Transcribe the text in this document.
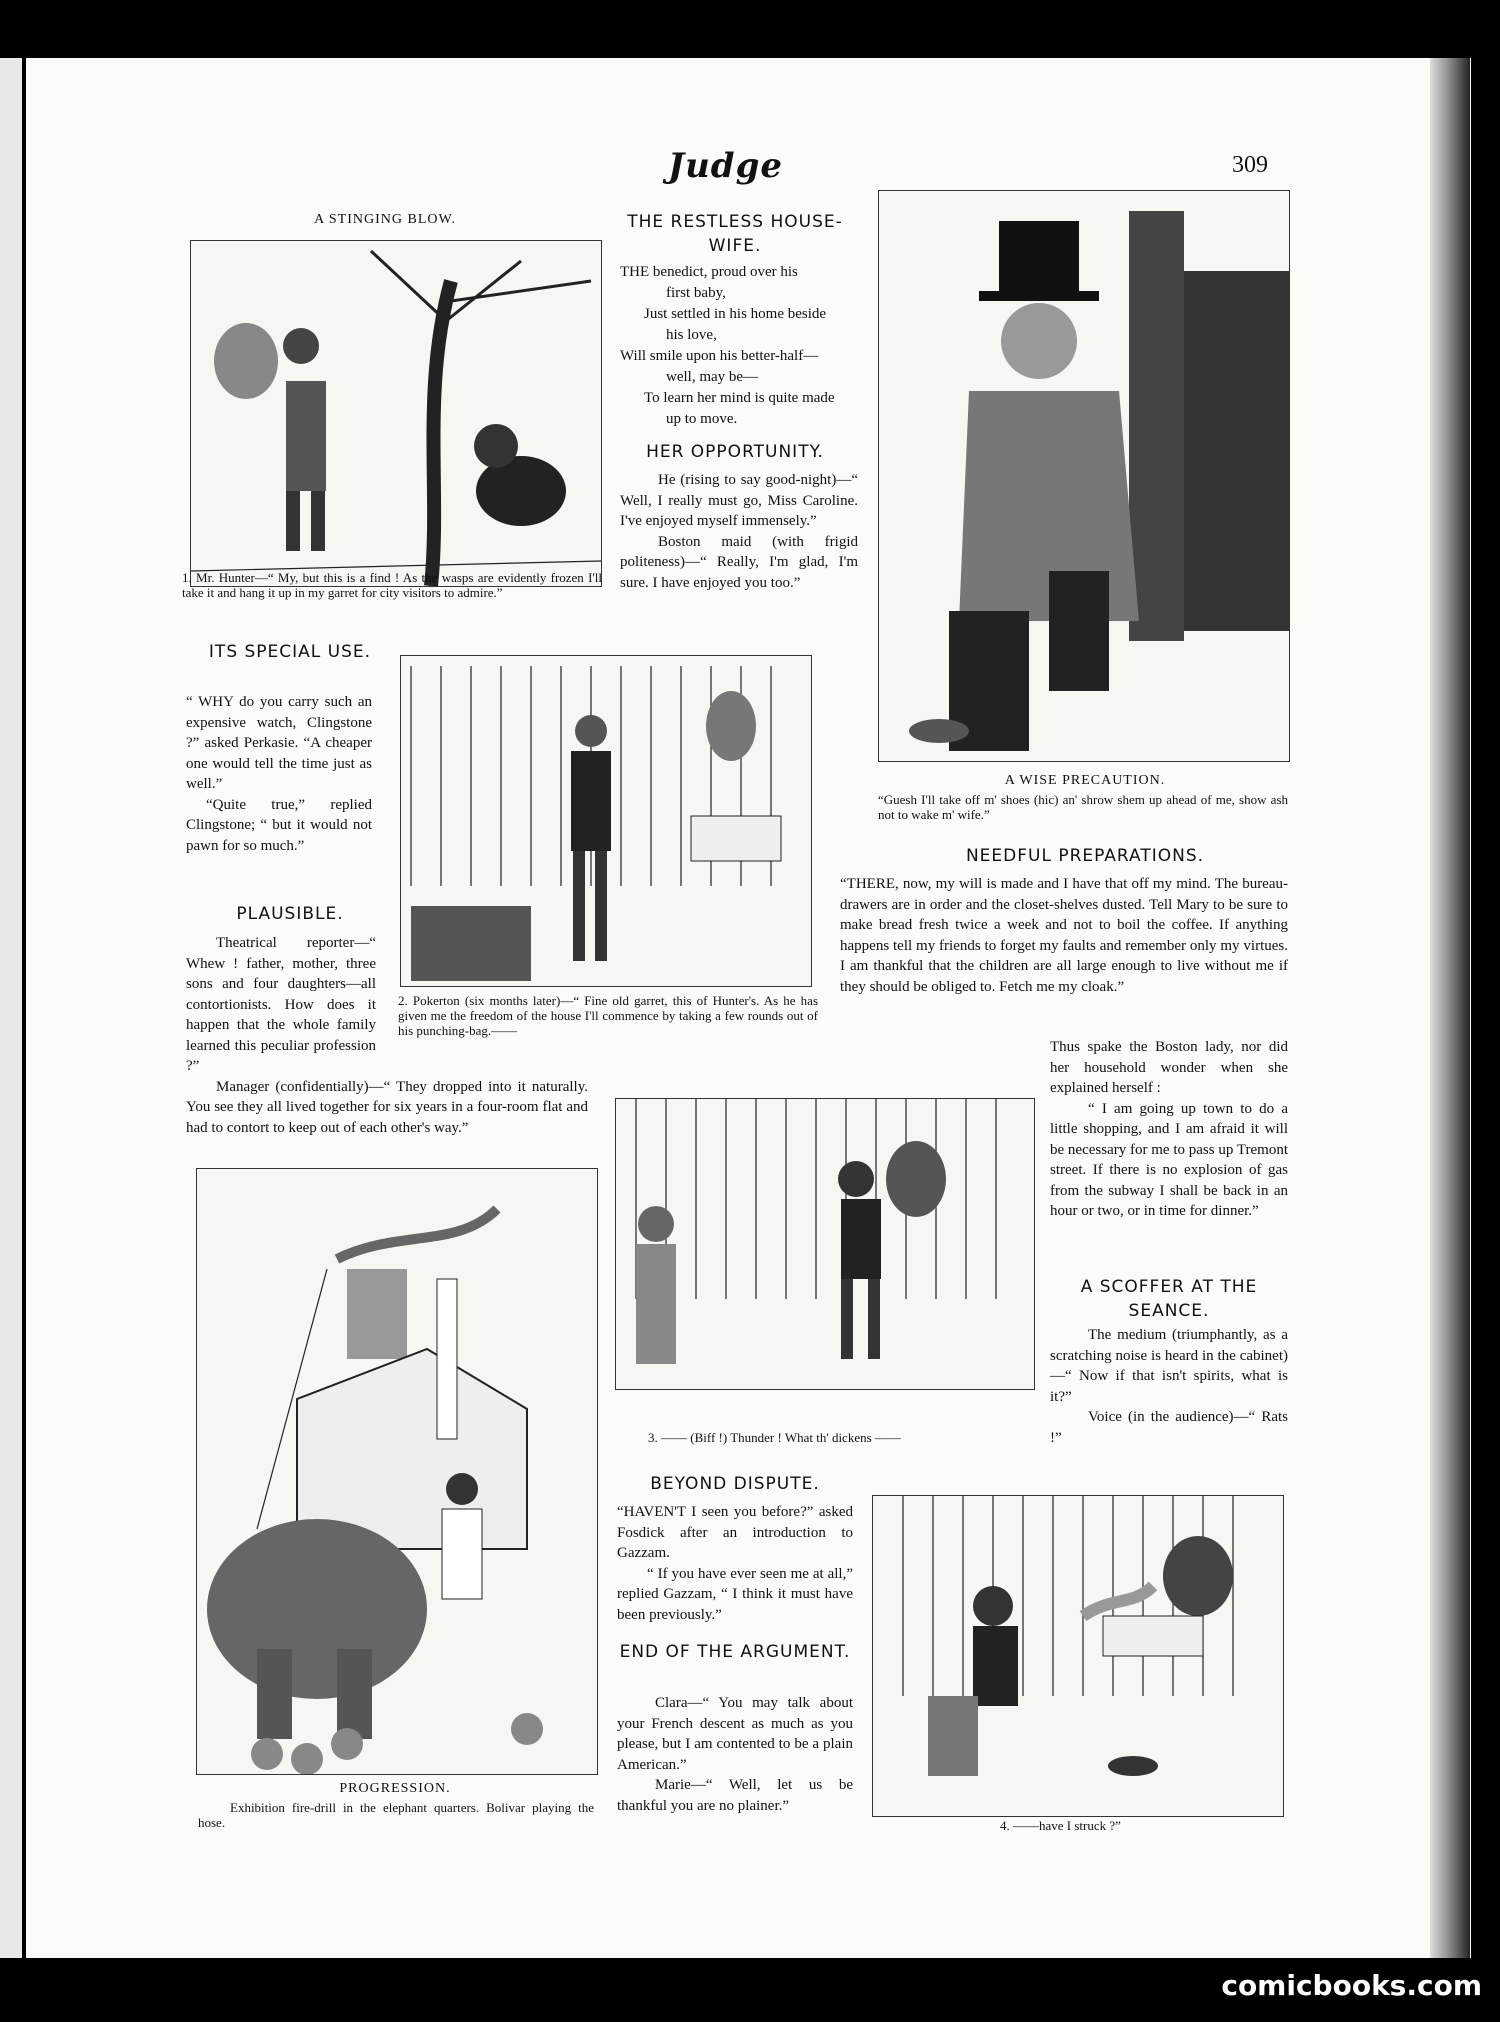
Judge	309
A STINGING BLOW.
1. Mr. Hunter—“ My, but this is a find ! As the wasps are evidently frozen I'll take it and hang it up in my garret for city visitors to admire.”
THE RESTLESS HOUSE-WIFE.
THE benedict, proud over his
first baby,
Just settled in his home beside
his love,
Will smile upon his better-half—
well, may be—
To learn her mind is quite made
up to move.
HER OPPORTUNITY.

He (rising to say good-night)—“ Well, I really must go, Miss Caroline. I've enjoyed myself immensely.”

Boston maid (with frigid politeness)—“ Really, I'm glad, I'm sure. I have enjoyed you too.”

A WISE PRECAUTION.
“Guesh I'll take off m' shoes (hic) an' shrow shem up ahead of me, show ash not to wake m' wife.”
ITS SPECIAL USE.

“ WHY do you carry such an expensive watch, Clingstone ?” asked Perkasie. “A cheaper one would tell the time just as well.”

“Quite true,” replied Clingstone; “ but it would not pawn for so much.”

2. Pokerton (six months later)—“ Fine old garret, this of Hunter's. As he has given me the freedom of the house I'll commence by taking a few rounds out of his punching-bag.——
PLAUSIBLE.

Theatrical reporter—“ Whew ! father, mother, three sons and four daughters—all contortionists. How does it happen that the whole family learned this peculiar profession ?”

Manager (confidentially)—“ They dropped into it naturally. You see they all lived together for six years in a four-room flat and had to contort to keep out of each other's way.”

NEEDFUL PREPARATIONS.

“THERE, now, my will is made and I have that off my mind. The bureau-drawers are in order and the closet-shelves dusted. Tell Mary to be sure to make bread fresh twice a week and not to boil the coffee. If anything happens tell my friends to forget my faults and remember only my virtues. I am thankful that the children are all large enough to live without me if they should be obliged to. Fetch me my cloak.”

Thus spake the Boston lady, nor did her household wonder when she explained herself :

“ I am going up town to do a little shopping, and I am afraid it will be necessary for me to pass up Tremont street. If there is no explosion of gas from the subway I shall be back in an hour or two, or in time for dinner.”

3. —— (Biff !) Thunder ! What th' dickens ——
A SCOFFER AT THE SEANCE.

The medium (triumphantly, as a scratching noise is heard in the cabinet)—“ Now if that isn't spirits, what is it?”

Voice (in the audience)—“ Rats !”

PROGRESSION.
Exhibition fire-drill in the elephant quarters. Bolivar playing the hose.
BEYOND DISPUTE.

“HAVEN'T I seen you before?” asked Fosdick after an introduction to Gazzam.

“ If you have ever seen me at all,” replied Gazzam, “ I think it must have been previously.”

END OF THE ARGUMENT.

Clara—“ You may talk about your French descent as much as you please, but I am contented to be a plain American.”

Marie—“ Well, let us be thankful you are no plainer.”

4. ——have I struck ?”
comicbooks.com
